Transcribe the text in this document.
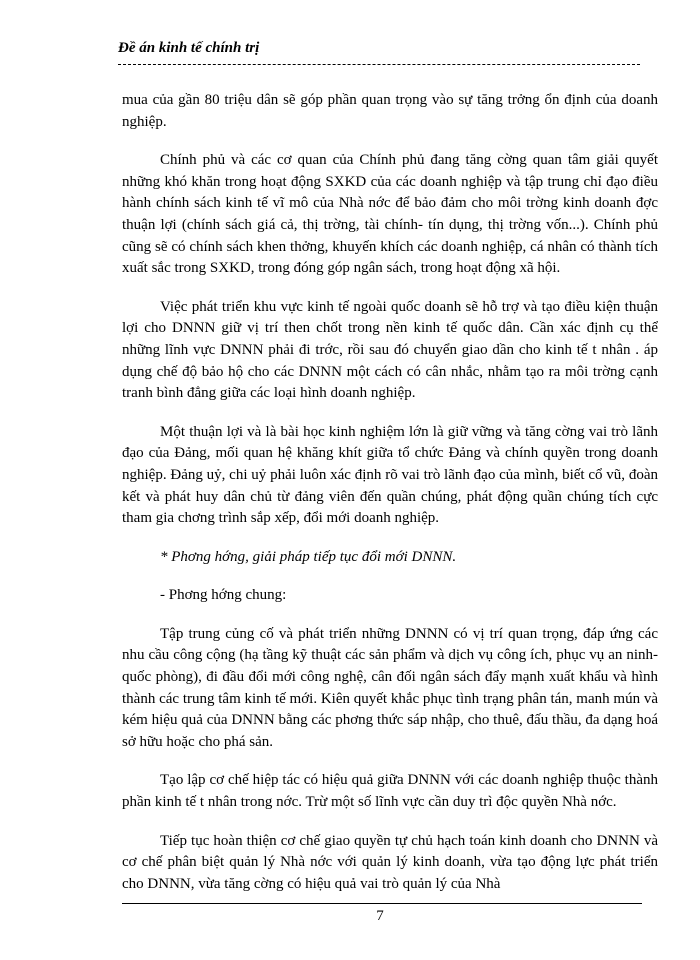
Đề án kinh tế chính trị

mua của gần 80 triệu dân sẽ góp phần quan trọng vào sự tăng trởng ổn định của doanh nghiệp.

Chính phủ và các cơ quan của Chính phủ đang tăng cờng quan tâm giải quyết những khó khăn trong hoạt động SXKD của các doanh nghiệp và tập trung chỉ đạo điều hành chính sách kinh tế vĩ mô của Nhà nớc để bảo đảm cho môi trờng kinh doanh đợc thuận lợi (chính sách giá cả, thị trờng, tài chính- tín dụng, thị trờng vốn...). Chính phủ cũng sẽ có chính sách khen thởng, khuyến khích các doanh nghiệp, cá nhân có thành tích xuất sắc trong SXKD, trong đóng góp ngân sách, trong hoạt động xã hội.

Việc phát triển khu vực kinh tế ngoài quốc doanh sẽ hỗ trợ và tạo điều kiện thuận lợi cho DNNN giữ vị trí then chốt trong nền kinh tế quốc dân. Cần xác định cụ thể những lĩnh vực DNNN phải đi trớc, rồi sau đó chuyển giao dần cho kinh tế t nhân . áp dụng chế độ bảo hộ cho các DNNN một cách có cân nhắc, nhằm tạo ra môi trờng cạnh tranh bình đẳng giữa các loại hình doanh nghiệp.

Một thuận lợi và là bài học kinh nghiệm lớn là giữ vững và tăng cờng vai trò lãnh đạo của Đảng, mối quan hệ khăng khít giữa tổ chức Đảng và chính quyền trong doanh nghiệp. Đảng uỷ, chi uỷ phải luôn xác định rõ vai trò lãnh đạo của mình, biết cổ vũ, đoàn kết và phát huy dân chủ từ đảng viên đến quần chúng, phát động quần chúng tích cực tham gia chơng trình sắp xếp, đổi mới doanh nghiệp.

* Phơng hớng, giải pháp tiếp tục đổi mới DNNN.

- Phơng hớng chung:

Tập trung củng cố và phát triển những DNNN có vị trí quan trọng, đáp ứng các nhu cầu công cộng (hạ tầng kỹ thuật các sản phẩm và dịch vụ công ích, phục vụ an ninh- quốc phòng), đi đầu đổi mới công nghệ, cân đối ngân sách đẩy mạnh xuất khẩu và hình thành các trung tâm kinh tế mới. Kiên quyết khắc phục tình trạng phân tán, manh mún và kém hiệu quả của DNNN bằng các phơng thức sáp nhập, cho thuê, đấu thầu, đa dạng hoá sở hữu hoặc cho phá sản.

Tạo lập cơ chế hiệp tác có hiệu quả giữa DNNN với các doanh nghiệp thuộc thành phần kinh tế t nhân trong nớc. Trừ một số lĩnh vực cần duy trì độc quyền Nhà nớc.

Tiếp tục hoàn thiện cơ chế giao quyền tự chủ hạch toán kinh doanh cho DNNN và cơ chế phân biệt quản lý Nhà nớc với quản lý kinh doanh, vừa tạo động lực phát triển cho DNNN, vừa tăng cờng có hiệu quả vai trò quản lý của Nhà

7
